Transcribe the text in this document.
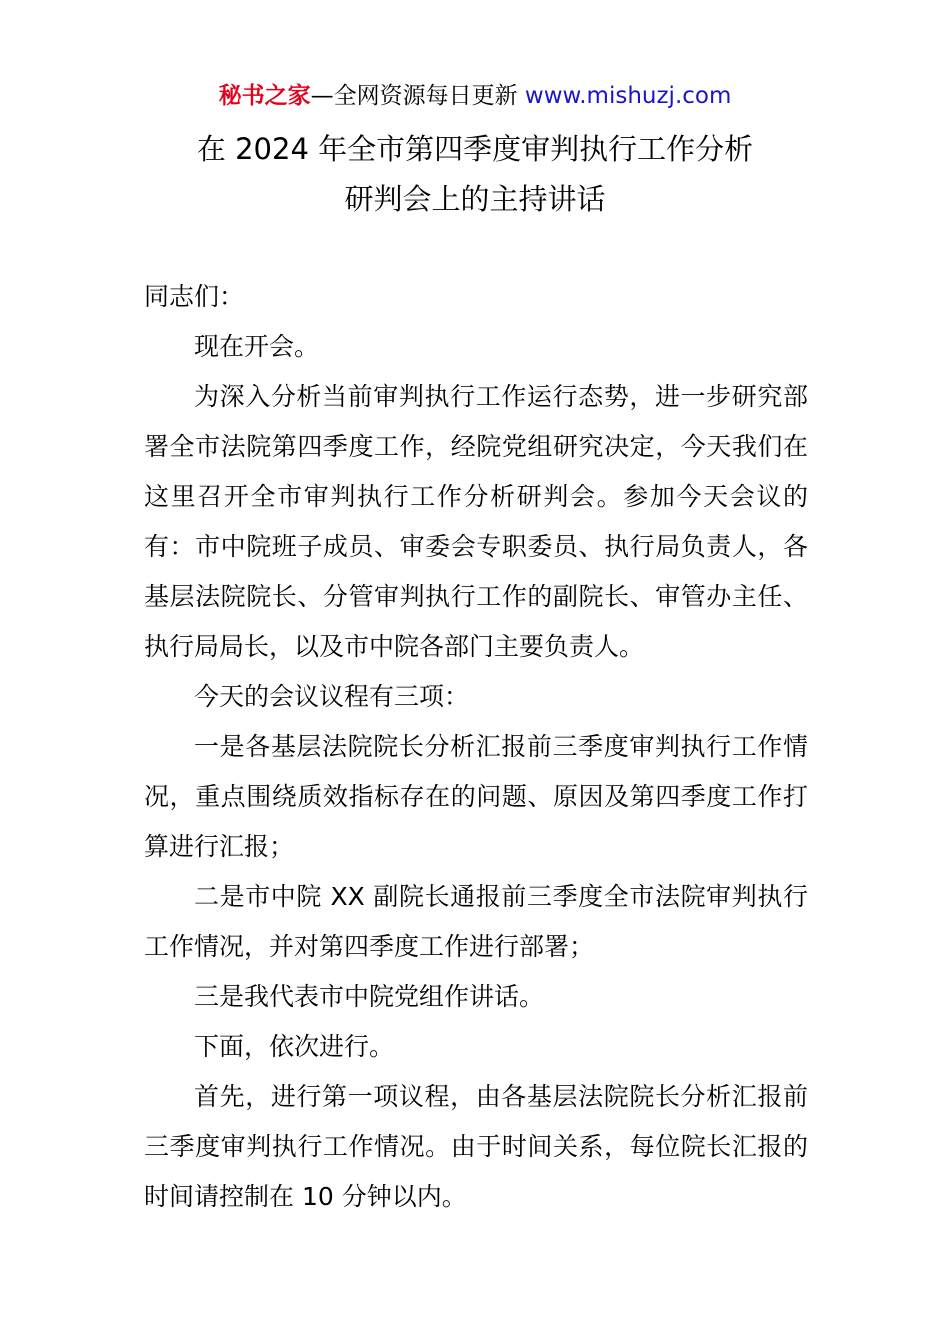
秘书之家—全网资源每日更新 www.mishuzj.com
在 2024 年全市第四季度审判执行工作分析
研判会上的主持讲话

同志们：

现在开会。

为深入分析当前审判执行工作运行态势，进一步研究部署全市法院第四季度工作，经院党组研究决定，今天我们在这里召开全市审判执行工作分析研判会。参加今天会议的有：市中院班子成员、审委会专职委员、执行局负责人，各基层法院院长、分管审判执行工作的副院长、审管办主任、执行局局长，以及市中院各部门主要负责人。

今天的会议议程有三项：

一是各基层法院院长分析汇报前三季度审判执行工作情况，重点围绕质效指标存在的问题、原因及第四季度工作打算进行汇报；

二是市中院 XX 副院长通报前三季度全市法院审判执行工作情况，并对第四季度工作进行部署；

三是我代表市中院党组作讲话。

下面，依次进行。

首先，进行第一项议程，由各基层法院院长分析汇报前三季度审判执行工作情况。由于时间关系，每位院长汇报的时间请控制在 10 分钟以内。
